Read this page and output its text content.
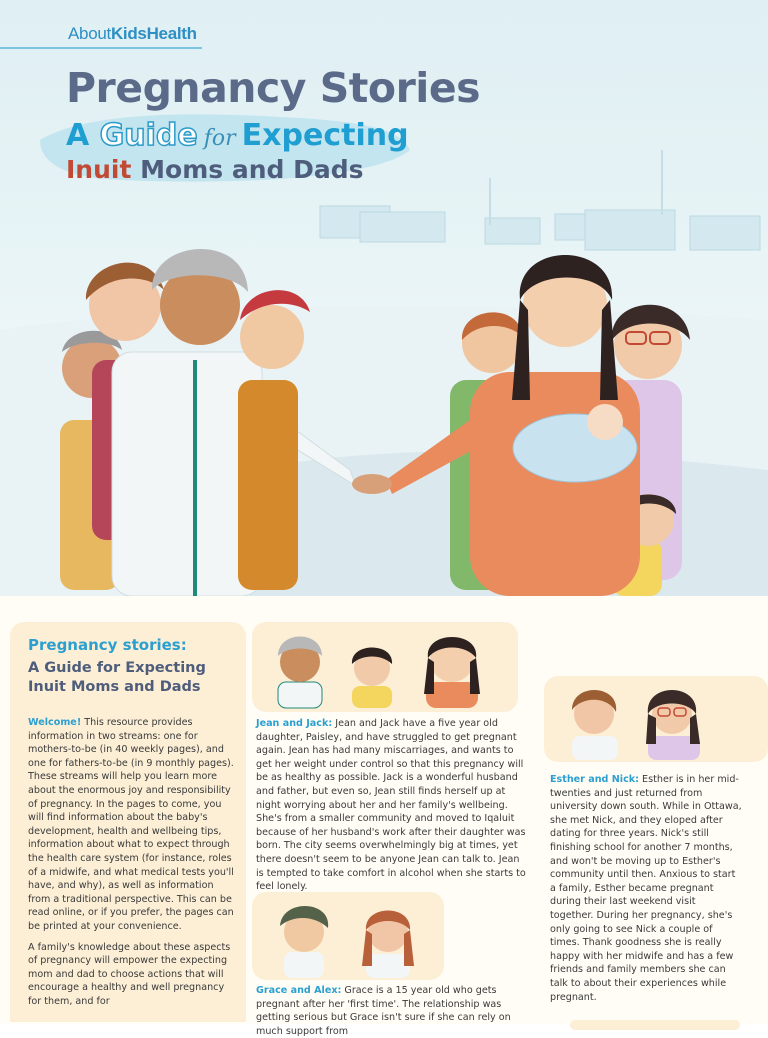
AboutKidsHealth
Pregnancy Stories
A Guide for Expecting
Inuit Moms and Dads
Pregnancy stories:
A Guide for Expecting Inuit Moms and Dads

Welcome! This resource provides information in two streams: one for mothers-to-be (in 40 weekly pages), and one for fathers-to-be (in 9 monthly pages). These streams will help you learn more about the enormous joy and responsibility of pregnancy. In the pages to come, you will find information about the baby's development, health and wellbeing tips, information about what to expect through the health care system (for instance, roles of a midwife, and what medical tests you'll have, and why), as well as information from a traditional perspective. This can be read online, or if you prefer, the pages can be printed at your convenience.

A family's knowledge about these aspects of pregnancy will empower the expecting mom and dad to choose actions that will encourage a healthy and well pregnancy for them, and for

Jean and Jack: Jean and Jack have a five year old daughter, Paisley, and have struggled to get pregnant again. Jean has had many miscarriages, and wants to get her weight under control so that this pregnancy will be as healthy as possible. Jack is a wonderful husband and father, but even so, Jean still finds herself up at night worrying about her and her family's wellbeing. She's from a smaller community and moved to Iqaluit because of her husband's work after their daughter was born. The city seems overwhelmingly big at times, yet there doesn't seem to be anyone Jean can talk to. Jean is tempted to take comfort in alcohol when she starts to feel lonely.
Grace and Alex: Grace is a 15 year old who gets pregnant after her 'first time'. The relationship was getting serious but Grace isn't sure if she can rely on much support from
Esther and Nick: Esther is in her mid-twenties and just returned from university down south. While in Ottawa, she met Nick, and they eloped after dating for three years. Nick's still finishing school for another 7 months, and won't be moving up to Esther's community until then. Anxious to start a family, Esther became pregnant during their last weekend visit together. During her pregnancy, she's only going to see Nick a couple of times. Thank goodness she is really happy with her midwife and has a few friends and family members she can talk to about their experiences while pregnant.
